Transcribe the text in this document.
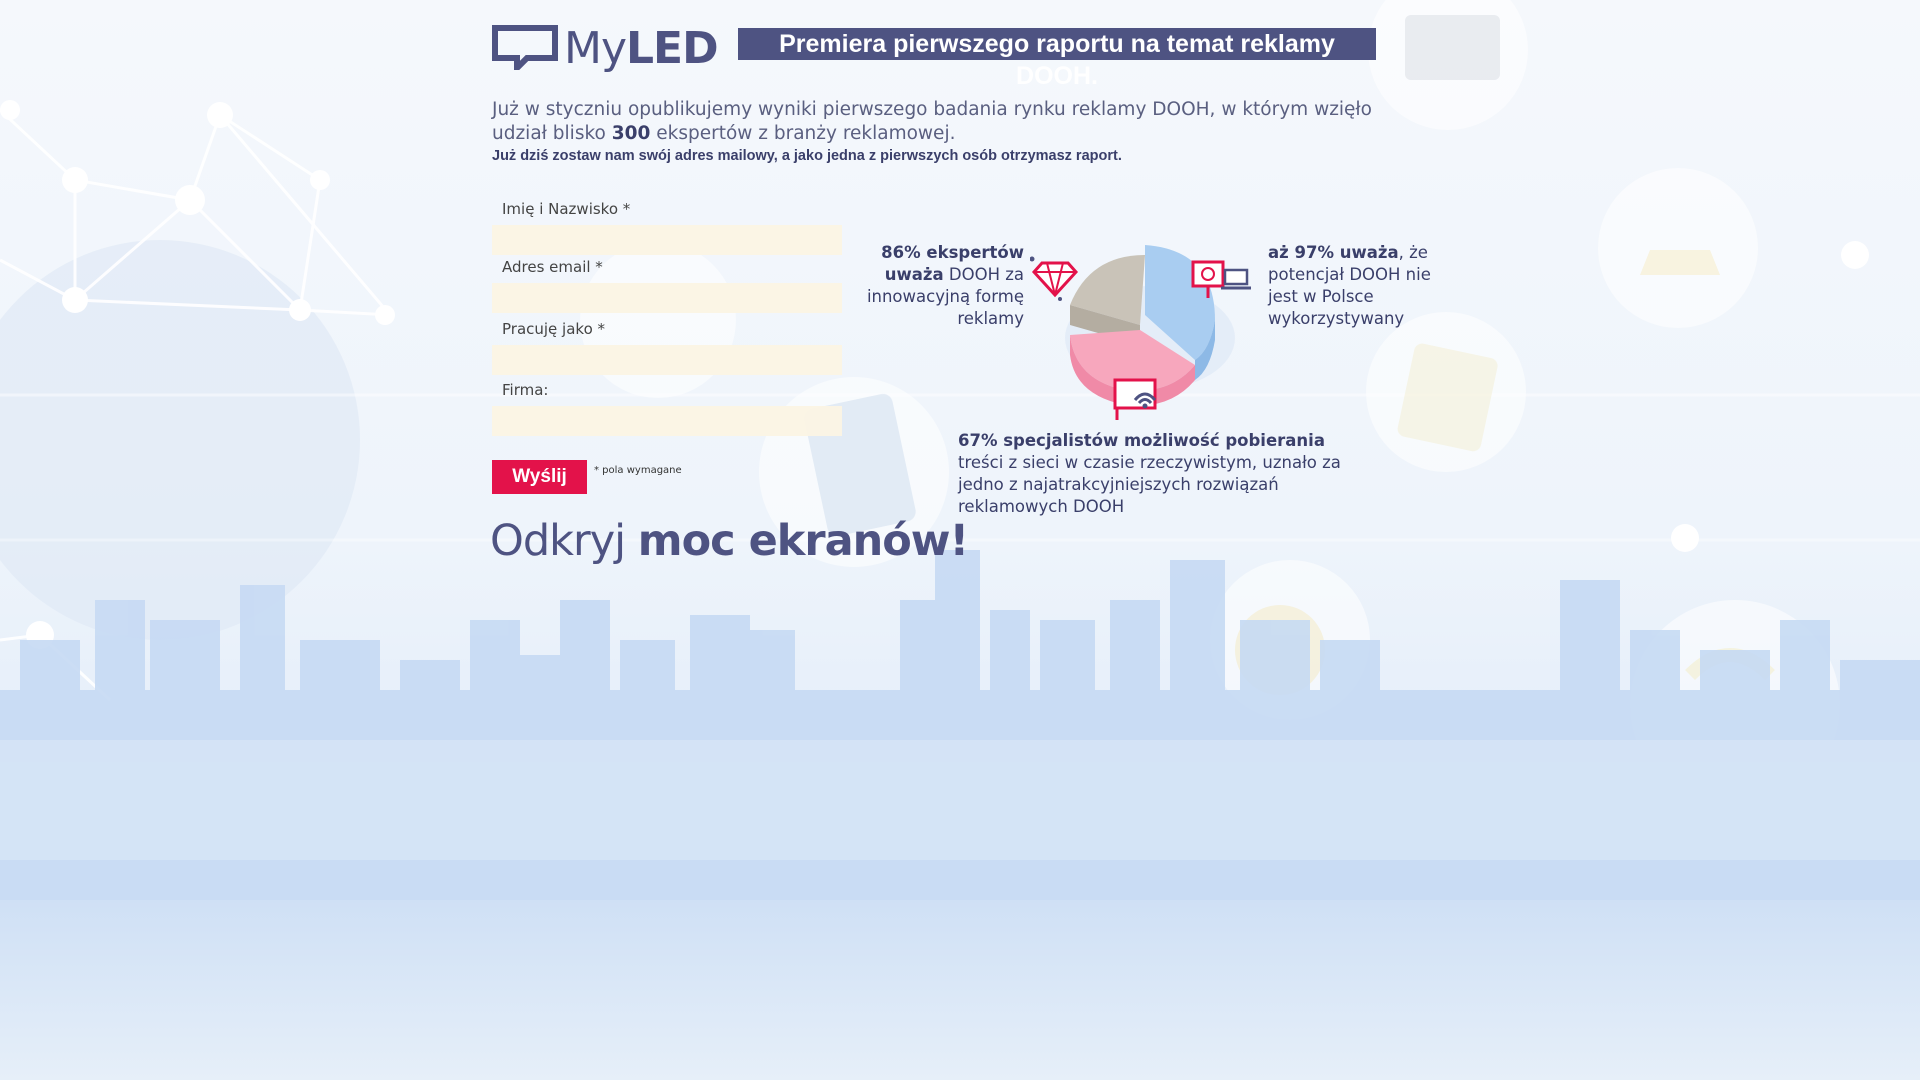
MyLED	Premiera pierwszego raportu na temat reklamy DOOH.
Już w styczniu opublikujemy wyniki pierwszego badania rynku reklamy DOOH, w którym wzięło udział blisko 300 ekspertów z branży reklamowej.
Już dziś zostaw nam swój adres mailowy, a jako jedna z pierwszych osób otrzymasz raport.
Imię i Nazwisko *
Adres email *
Pracuję jako *
Firma:
Wyślij	* pola wymagane
Odkryj moc ekranów!
86% ekspertów uważa DOOH za innowacyjną formę reklamy
aż 97% uważa, że potencjał DOOH nie jest w Polsce wykorzystywany
67% specjalistów możliwość pobierania treści z sieci w czasie rzeczywistym, uznało za jedno z najatrakcyjniejszych rozwiązań reklamowych DOOH
